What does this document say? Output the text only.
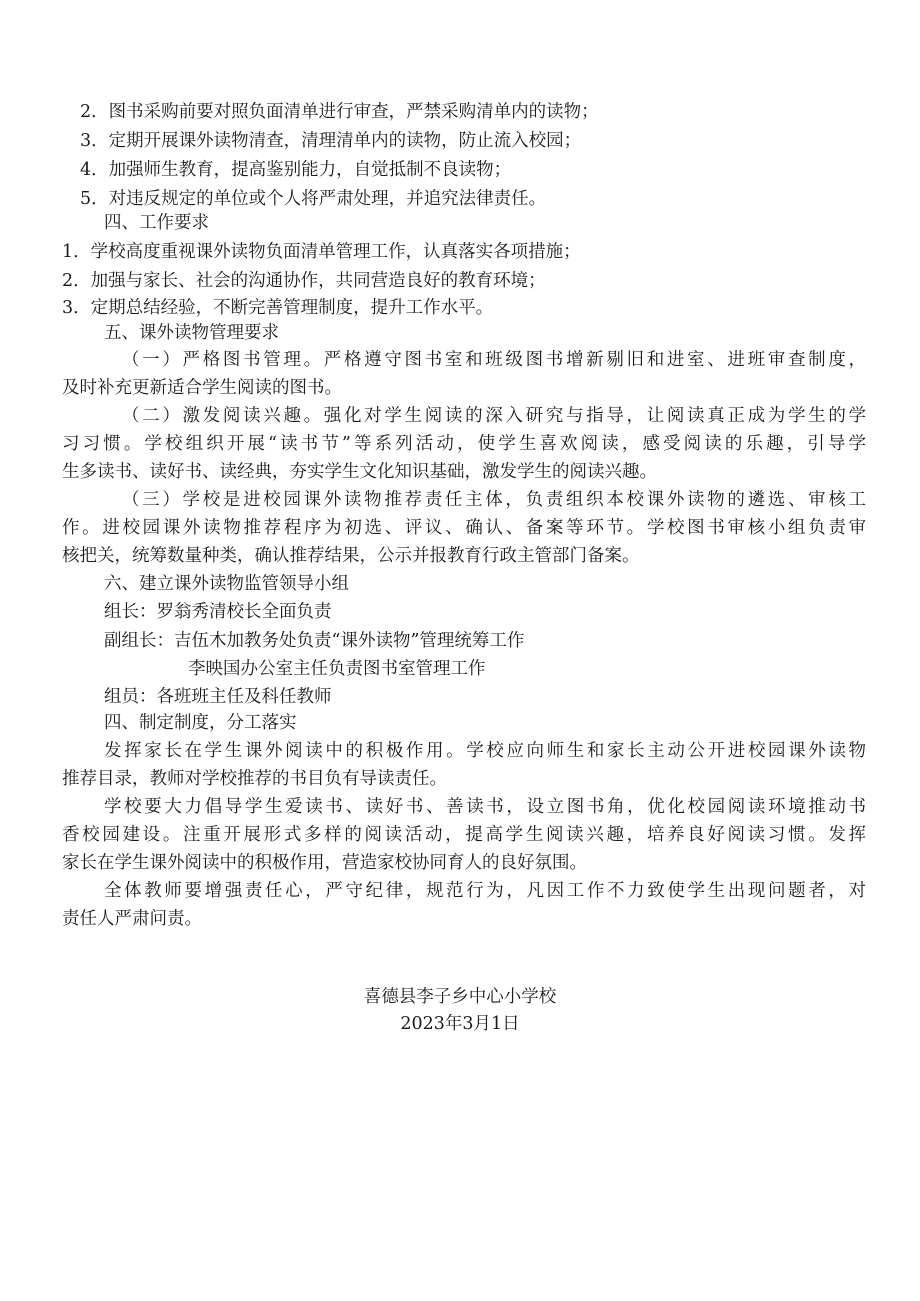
2．图书采购前要对照负面清单进行审查，严禁采购清单内的读物；
3．定期开展课外读物清查，清理清单内的读物，防止流入校园；
4．加强师生教育，提高鉴别能力，自觉抵制不良读物；
5．对违反规定的单位或个人将严肃处理，并追究法律责任。
四、工作要求
1．学校高度重视课外读物负面清单管理工作，认真落实各项措施；
2．加强与家长、社会的沟通协作，共同营造良好的教育环境；
3．定期总结经验，不断完善管理制度，提升工作水平。
五、课外读物管理要求
（一）严格图书管理。严格遵守图书室和班级图书增新剔旧和进室、进班审查制度，
及时补充更新适合学生阅读的图书。
（二）激发阅读兴趣。强化对学生阅读的深入研究与指导，让阅读真正成为学生的学
习习惯。学校组织开展“读书节”等系列活动，使学生喜欢阅读，感受阅读的乐趣，引导学
生多读书、读好书、读经典，夯实学生文化知识基础，激发学生的阅读兴趣。
（三）学校是进校园课外读物推荐责任主体，负责组织本校课外读物的遴选、审核工
作。进校园课外读物推荐程序为初选、评议、确认、备案等环节。学校图书审核小组负责审
核把关，统筹数量种类，确认推荐结果，公示并报教育行政主管部门备案。
六、建立课外读物监管领导小组
组长：罗翁秀清校长全面负责
副组长：吉伍木加教务处负责“课外读物”管理统筹工作
李映国办公室主任负责图书室管理工作
组员：各班班主任及科任教师
四、制定制度，分工落实
发挥家长在学生课外阅读中的积极作用。学校应向师生和家长主动公开进校园课外读物
推荐目录，教师对学校推荐的书目负有导读责任。
学校要大力倡导学生爱读书、读好书、善读书，设立图书角，优化校园阅读环境推动书
香校园建设。注重开展形式多样的阅读活动，提高学生阅读兴趣，培养良好阅读习惯。发挥
家长在学生课外阅读中的积极作用，营造家校协同育人的良好氛围。
全体教师要增强责任心，严守纪律，规范行为，凡因工作不力致使学生出现问题者，对
责任人严肃问责。
喜德县李子乡中心小学校
2023年3月1日
